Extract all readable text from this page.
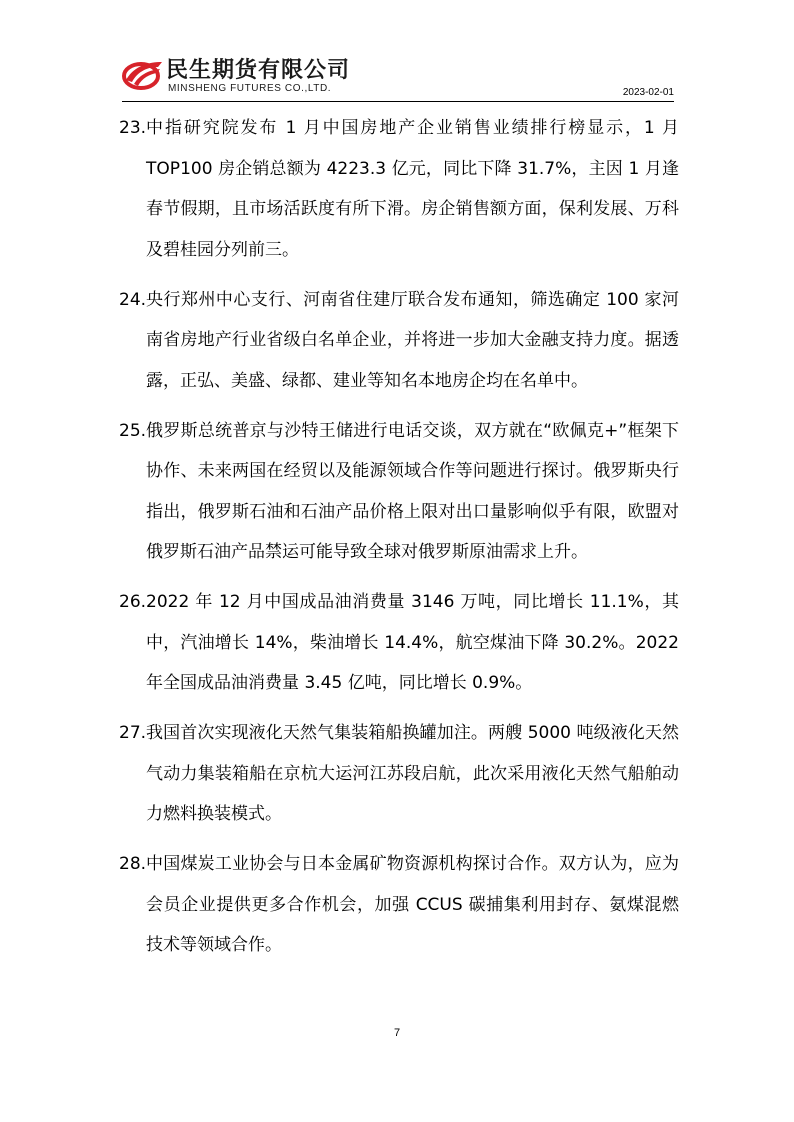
民生期货有限公司
MINSHENG FUTURES CO.,LTD.	2023-02-01
23. 中指研究院发布 1 月中国房地产企业销售业绩排行榜显示，1 月 TOP100 房企销总额为 4223.3 亿元，同比下降 31.7%，主因 1 月逢春节假期，且市场活跃度有所下滑。房企销售额方面，保利发展、万科及碧桂园分列前三。
24. 央行郑州中心支行、河南省住建厅联合发布通知，筛选确定 100 家河南省房地产行业省级白名单企业，并将进一步加大金融支持力度。据透露，正弘、美盛、绿都、建业等知名本地房企均在名单中。
25. 俄罗斯总统普京与沙特王储进行电话交谈，双方就在“欧佩克+”框架下协作、未来两国在经贸以及能源领域合作等问题进行探讨。俄罗斯央行指出，俄罗斯石油和石油产品价格上限对出口量影响似乎有限，欧盟对俄罗斯石油产品禁运可能导致全球对俄罗斯原油需求上升。
26. 2022 年 12 月中国成品油消费量 3146 万吨，同比增长 11.1%，其中，汽油增长 14%，柴油增长 14.4%，航空煤油下降 30.2%。2022 年全国成品油消费量 3.45 亿吨，同比增长 0.9%。
27. 我国首次实现液化天然气集装箱船换罐加注。两艘 5000 吨级液化天然气动力集装箱船在京杭大运河江苏段启航，此次采用液化天然气船舶动力燃料换装模式。
28. 中国煤炭工业协会与日本金属矿物资源机构探讨合作。双方认为，应为会员企业提供更多合作机会，加强 CCUS 碳捕集利用封存、氨煤混燃技术等领域合作。
7
